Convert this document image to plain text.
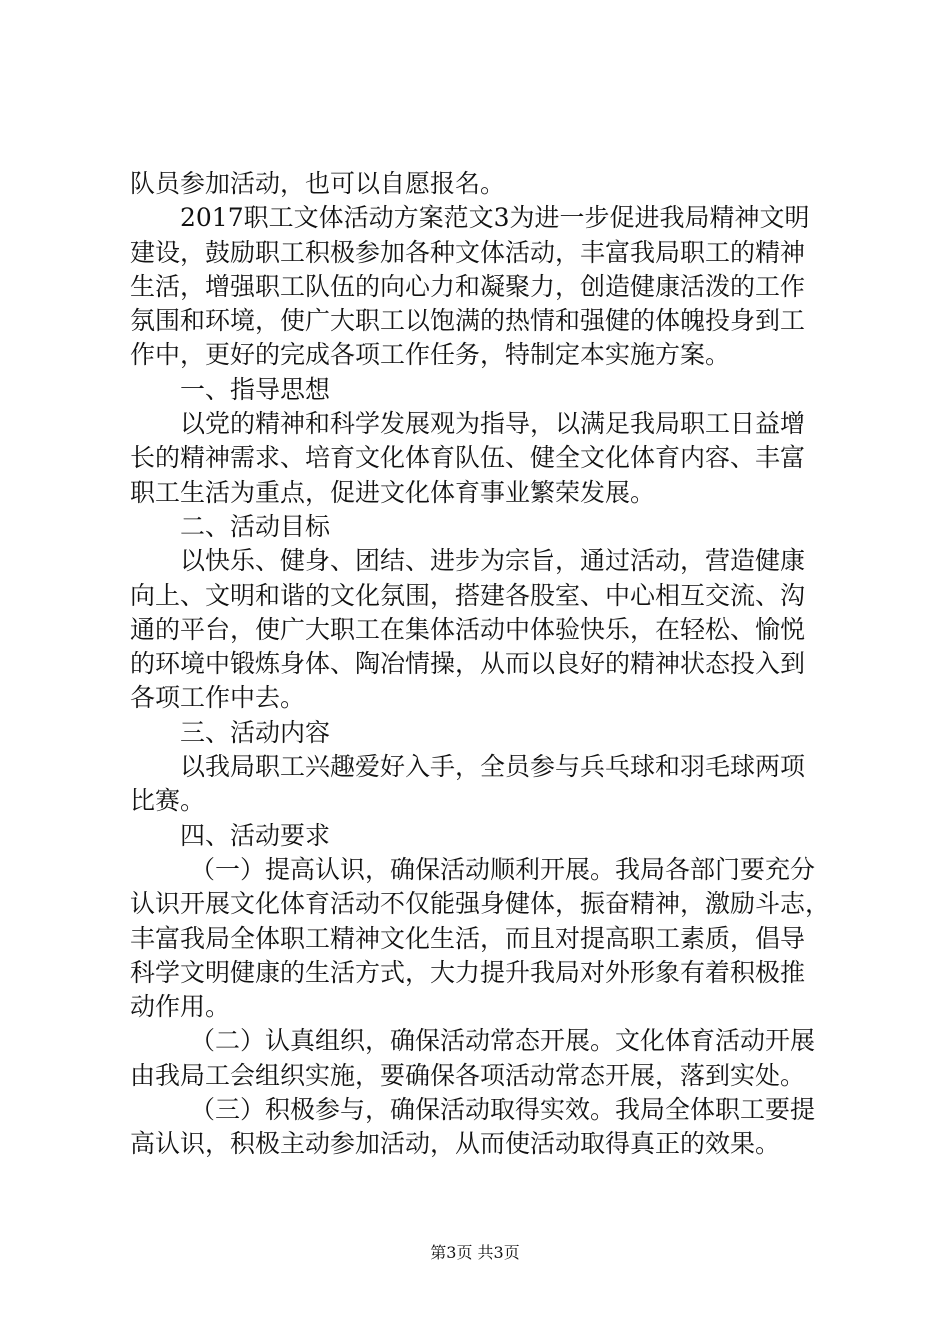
队员参加活动，也可以自愿报名。
2017职工文体活动方案范文3为进一步促进我局精神文明
建设，鼓励职工积极参加各种文体活动，丰富我局职工的精神
生活，增强职工队伍的向心力和凝聚力，创造健康活泼的工作
氛围和环境，使广大职工以饱满的热情和强健的体魄投身到工
作中，更好的完成各项工作任务，特制定本实施方案。
一、指导思想
以党的精神和科学发展观为指导，以满足我局职工日益增
长的精神需求、培育文化体育队伍、健全文化体育内容、丰富
职工生活为重点，促进文化体育事业繁荣发展。
二、活动目标
以快乐、健身、团结、进步为宗旨，通过活动，营造健康
向上、文明和谐的文化氛围，搭建各股室、中心相互交流、沟
通的平台，使广大职工在集体活动中体验快乐，在轻松、愉悦
的环境中锻炼身体、陶冶情操，从而以良好的精神状态投入到
各项工作中去。
三、活动内容
以我局职工兴趣爱好入手，全员参与兵乓球和羽毛球两项
比赛。
四、活动要求
（一）提高认识，确保活动顺利开展。我局各部门要充分
认识开展文化体育活动不仅能强身健体，振奋精神，激励斗志，
丰富我局全体职工精神文化生活，而且对提高职工素质，倡导
科学文明健康的生活方式，大力提升我局对外形象有着积极推
动作用。
（二）认真组织，确保活动常态开展。文化体育活动开展
由我局工会组织实施，要确保各项活动常态开展，落到实处。
（三）积极参与，确保活动取得实效。我局全体职工要提
高认识，积极主动参加活动，从而使活动取得真正的效果。
第3页 共3页
